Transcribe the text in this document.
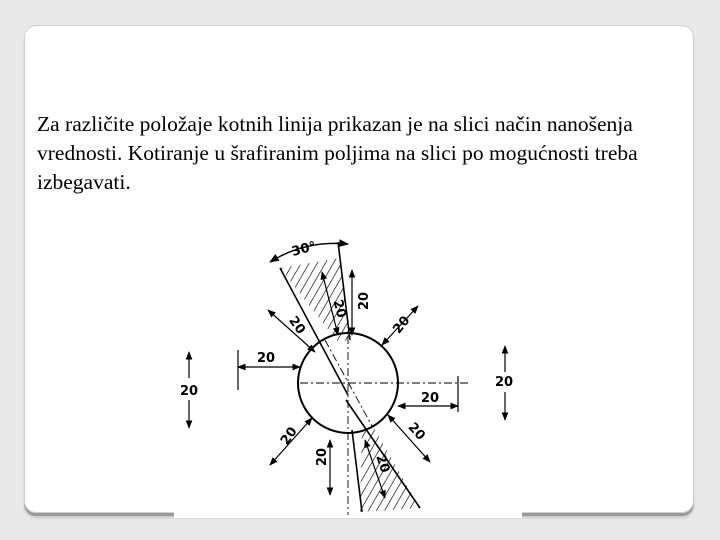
Za različite položaje kotnih linija prikazan je na slici način nanošenja vrednosti. Kotiranje u šrafiranim poljima na slici po mogućnosti treba izbegavati.
30°
20
20
20
20
20	20
20
20
20
20	20
20
